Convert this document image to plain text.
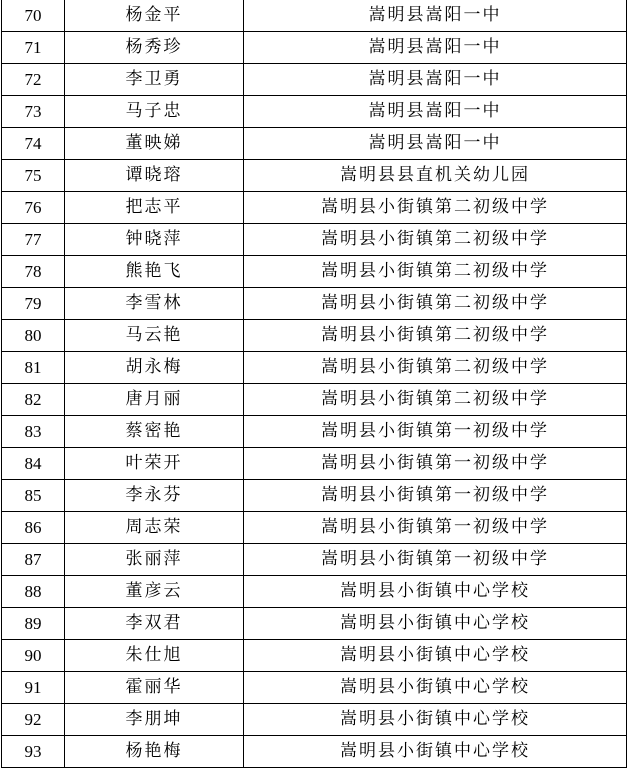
70	杨金平	嵩明县嵩阳一中
71	杨秀珍	嵩明县嵩阳一中
72	李卫勇	嵩明县嵩阳一中
73	马子忠	嵩明县嵩阳一中
74	董映娣	嵩明县嵩阳一中
75	谭晓瑢	嵩明县县直机关幼儿园
76	把志平	嵩明县小街镇第二初级中学
77	钟晓萍	嵩明县小街镇第二初级中学
78	熊艳飞	嵩明县小街镇第二初级中学
79	李雪林	嵩明县小街镇第二初级中学
80	马云艳	嵩明县小街镇第二初级中学
81	胡永梅	嵩明县小街镇第二初级中学
82	唐月丽	嵩明县小街镇第二初级中学
83	蔡密艳	嵩明县小街镇第一初级中学
84	叶荣开	嵩明县小街镇第一初级中学
85	李永芬	嵩明县小街镇第一初级中学
86	周志荣	嵩明县小街镇第一初级中学
87	张丽萍	嵩明县小街镇第一初级中学
88	董彦云	嵩明县小街镇中心学校
89	李双君	嵩明县小街镇中心学校
90	朱仕旭	嵩明县小街镇中心学校
91	霍丽华	嵩明县小街镇中心学校
92	李朋坤	嵩明县小街镇中心学校
93	杨艳梅	嵩明县小街镇中心学校
